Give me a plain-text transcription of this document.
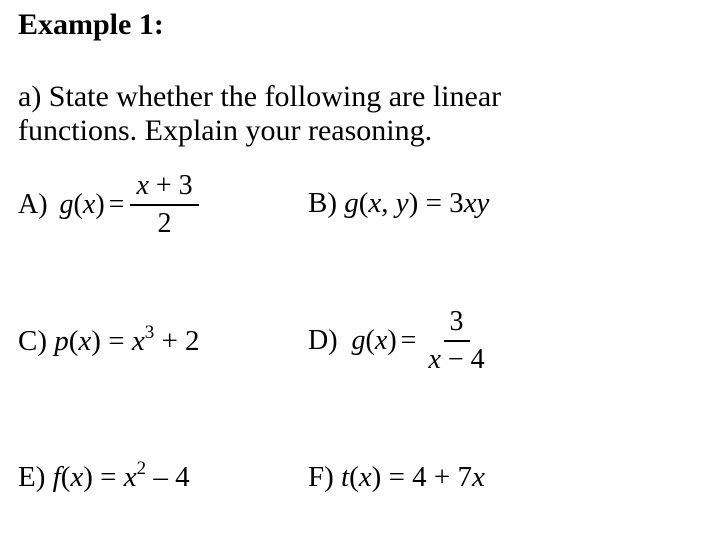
Example 1:
a) State whether the following are linear
functions. Explain your reasoning.
A) g ( x ) = $\frac{x + 3}{2}$	B) g(x, y) = 3xy
C) $p(x) = x^3 + 2$	D) g ( x ) = $\frac{3}{x - 4}$
E) $f(x) = x^2 - 4$	F) t(x) = 4 + 7x
